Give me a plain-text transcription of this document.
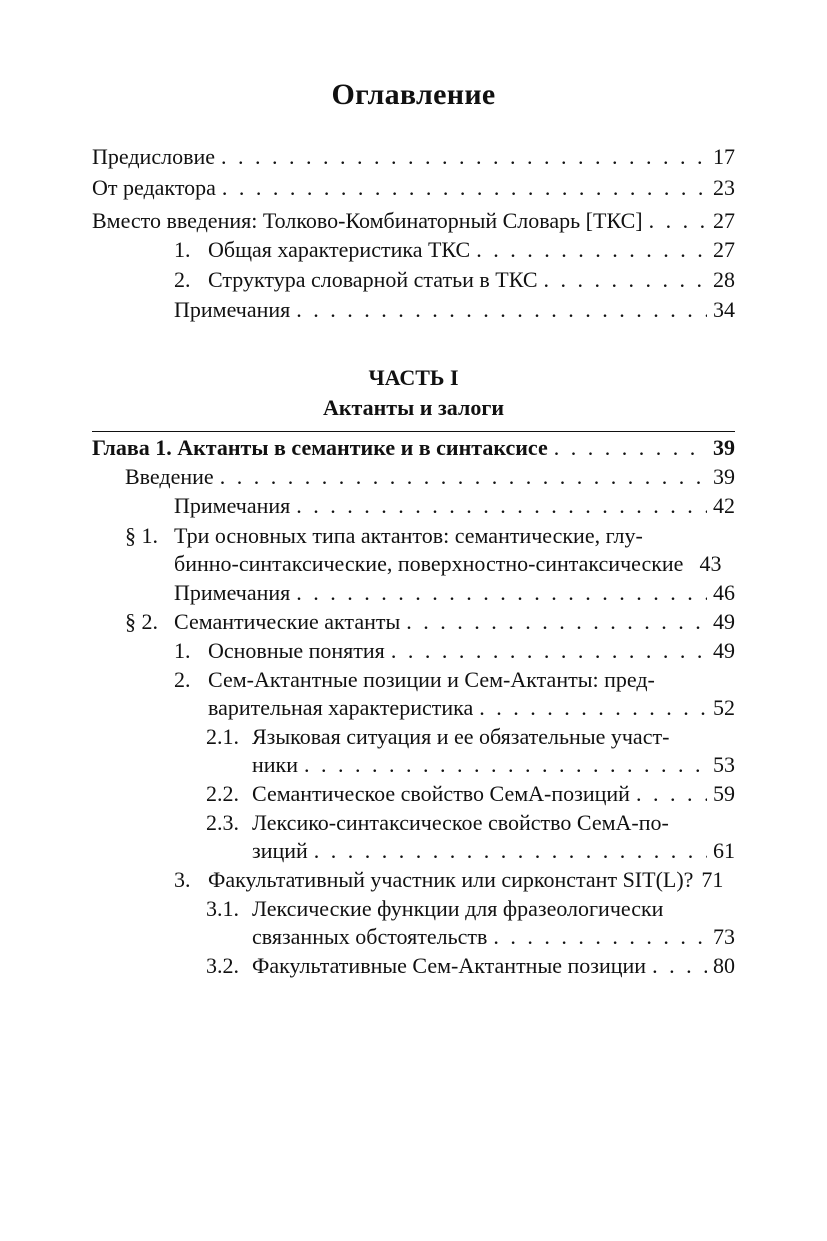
Оглавление
Предисловие . . .	17
От редактора . . .	23
Вместо введения: Толково-Комбинаторный Словарь [ТКС] . . .	27
1. Общая характеристика ТКС . . .	27
2. Структура словарной статьи в ТКС . . .	28
Примечания . . .	34
ЧАСТЬ I
Актанты и залоги
Глава 1. Актанты в семантике и в синтаксисе . . .	39
Введение . . .	39
Примечания . . .	42
§ 1. Три основных типа актантов: семантические, глу-
бинно-синтаксические, поверхностно-синтаксические 43
Примечания . . .	46
§ 2. Семантические актанты . . .	49
1. Основные понятия . . .	49
2. Сем-Актантные позиции и Сем-Актанты: пред-
варительная характеристика . . .	52
2.1. Языковая ситуация и ее обязательные участ-
ники . . .	53
2.2. Семантическое свойство СемА-позиций . . .	59
2.3. Лексико-синтаксическое свойство СемА-по-
зиций . . .	61
3. Факультативный участник или сирконстант SIT(L)? 71
3.1. Лексические функции для фразеологически
связанных обстоятельств . . .	73
3.2. Факультативные Сем-Актантные позиции . . .	80
